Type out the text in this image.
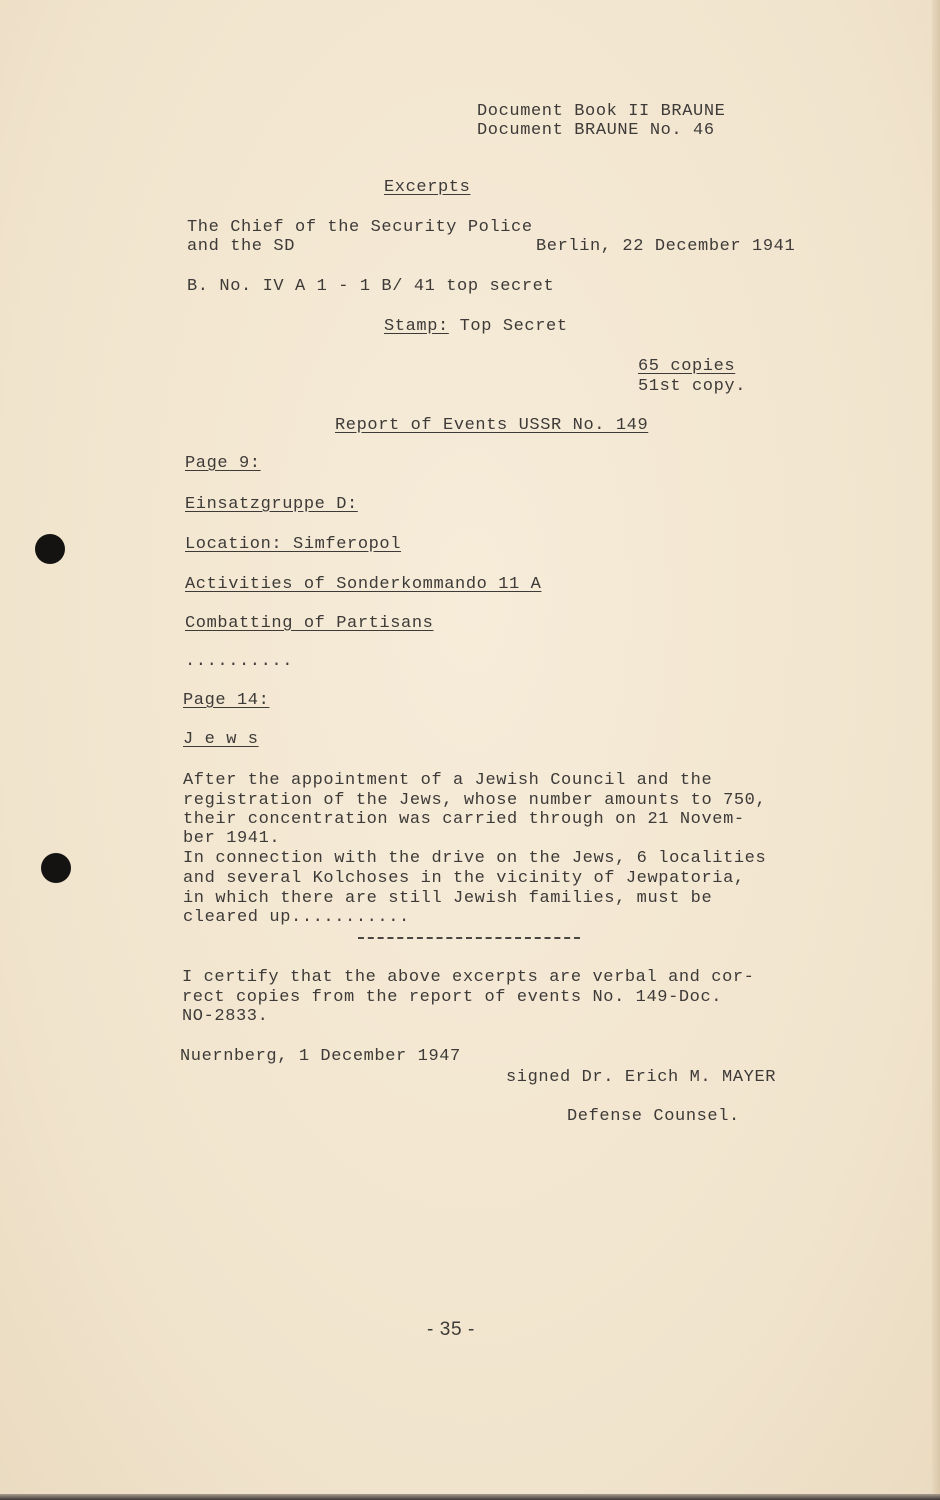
Document Book II BRAUNE
Document BRAUNE No. 46
Excerpts
The Chief of the Security Police
and the SD	Berlin, 22 December 1941
B. No. IV A 1 - 1 B/ 41 top secret
Stamp: Top Secret
65 copies
51st copy.
Report of Events USSR No. 149
Page 9:
Einsatzgruppe D:
Location: Simferopol
Activities of Sonderkommando 11 A
Combatting of Partisans
..........
Page 14:
J e w s
After the appointment of a Jewish Council and the
registration of the Jews, whose number amounts to 750,
their concentration was carried through on 21 Novem-
ber 1941.
In connection with the drive on the Jews, 6 localities
and several Kolchoses in the vicinity of Jewpatoria,
in which there are still Jewish families, must be
cleared up...........
I certify that the above excerpts are verbal and cor-
rect copies from the report of events No. 149-Doc.
NO-2833.
Nuernberg, 1 December 1947
signed Dr. Erich M. MAYER
Defense Counsel.
- 35 -
